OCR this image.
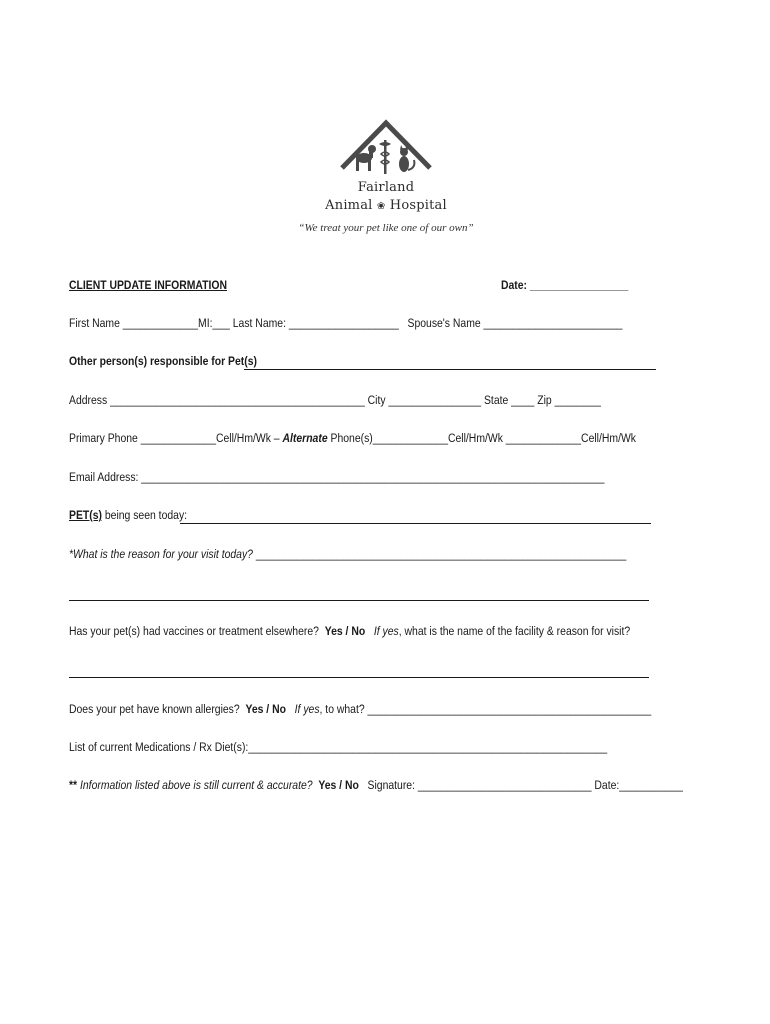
Fairland
Animal ❀ Hospital
“We treat your pet like one of our own”
CLIENT UPDATE INFORMATION	Date: _________________
First Name _____________MI:___ Last Name: ___________________   Spouse's Name ________________________
Other person(s) responsible for Pet(s)
Address ____________________________________________ City ________________ State ____ Zip ________
Primary Phone _____________Cell/Hm/Wk – Alternate Phone(s)_____________Cell/Hm/Wk _____________Cell/Hm/Wk
Email Address: ________________________________________________________________________________
PET(s) being seen today:
*What is the reason for your visit today? ________________________________________________________________
Has your pet(s) had vaccines or treatment elsewhere?  Yes / No If yes, what is the name of the facility & reason for visit?
Does your pet have known allergies?  Yes / No If yes, to what? _________________________________________________
List of current Medications / Rx Diet(s):______________________________________________________________
** Information listed above is still current & accurate? Yes / No Signature: ______________________________ Date:___________
